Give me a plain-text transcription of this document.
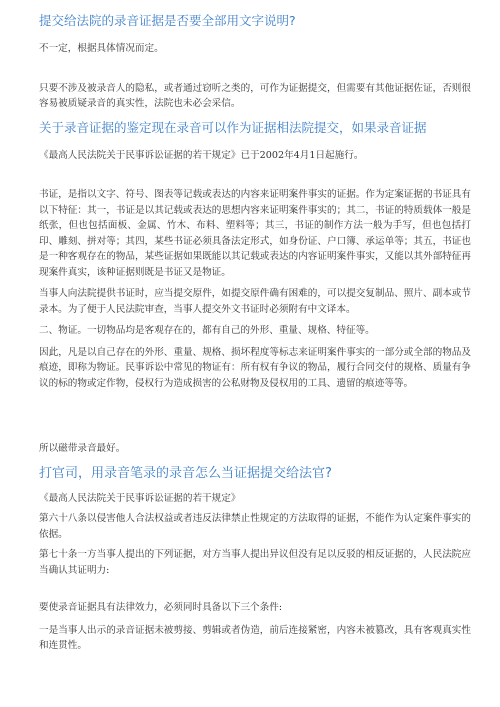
提交给法院的录音证据是否要全部用文字说明?

不一定，根据具体情况而定。

只要不涉及被录音人的隐私，或者通过窃听之类的，可作为证据提交，但需要有其他证据佐证，否则很容易被质疑录音的真实性，法院也未必会采信。

关于录音证据的鉴定现在录音可以作为证据相法院提交，如果录音证据

《最高人民法院关于民事诉讼证据的若干规定》已于2002年4月1日起施行。

书证，是指以文字、符号、图表等记载或表达的内容来证明案件事实的证据。作为定案证据的书证具有以下特征：其一，书证是以其记载或表达的思想内容来证明案件事实的；其二，书证的特质载体一般是纸张，但也包括面板、金属、竹木、布料、塑料等；其三，书证的制作方法一般为手写，但也包括打印、雕刻、拼对等；其四，某些书证必须具备法定形式，如身份证、户口簿、承运单等；其五，书证也是一种客观存在的物品，某些证据如果既能以其记载或表达的内容证明案件事实，又能以其外部特征再现案件真实，该种证据则既是书证又是物证。

当事人向法院提供书证时，应当提交原件，如提交原件确有困难的，可以提交复制品、照片、副本或节录本。为了便于人民法院审查，当事人提交外文书证时必须附有中文译本。

二、物证。一切物品均是客观存在的，都有自己的外形、重量、规格、特征等。

因此，凡是以自己存在的外形、重量、规格、损坏程度等标志来证明案件事实的一部分或全部的物品及痕迹，即称为物证。民事诉讼中常见的物证有：所有权有争议的物品，履行合同交付的规格、质量有争议的标的物或定作物，侵权行为造成损害的公私财物及侵权用的工具、遗留的痕迹等等。

所以磁带录音最好。

打官司，用录音笔录的录音怎么当证据提交给法官?

《最高人民法院关于民事诉讼证据的若干规定》

第六十八条以侵害他人合法权益或者违反法律禁止性规定的方法取得的证据，不能作为认定案件事实的依据。

第七十条一方当事人提出的下列证据，对方当事人提出异议但没有足以反驳的相反证据的，人民法院应当确认其证明力:

要使录音证据具有法律效力，必须同时具备以下三个条件:

一是当事人出示的录音证据未被剪接、剪辑或者伪造，前后连接紧密，内容未被篡改，具有客观真实性和连贯性。
